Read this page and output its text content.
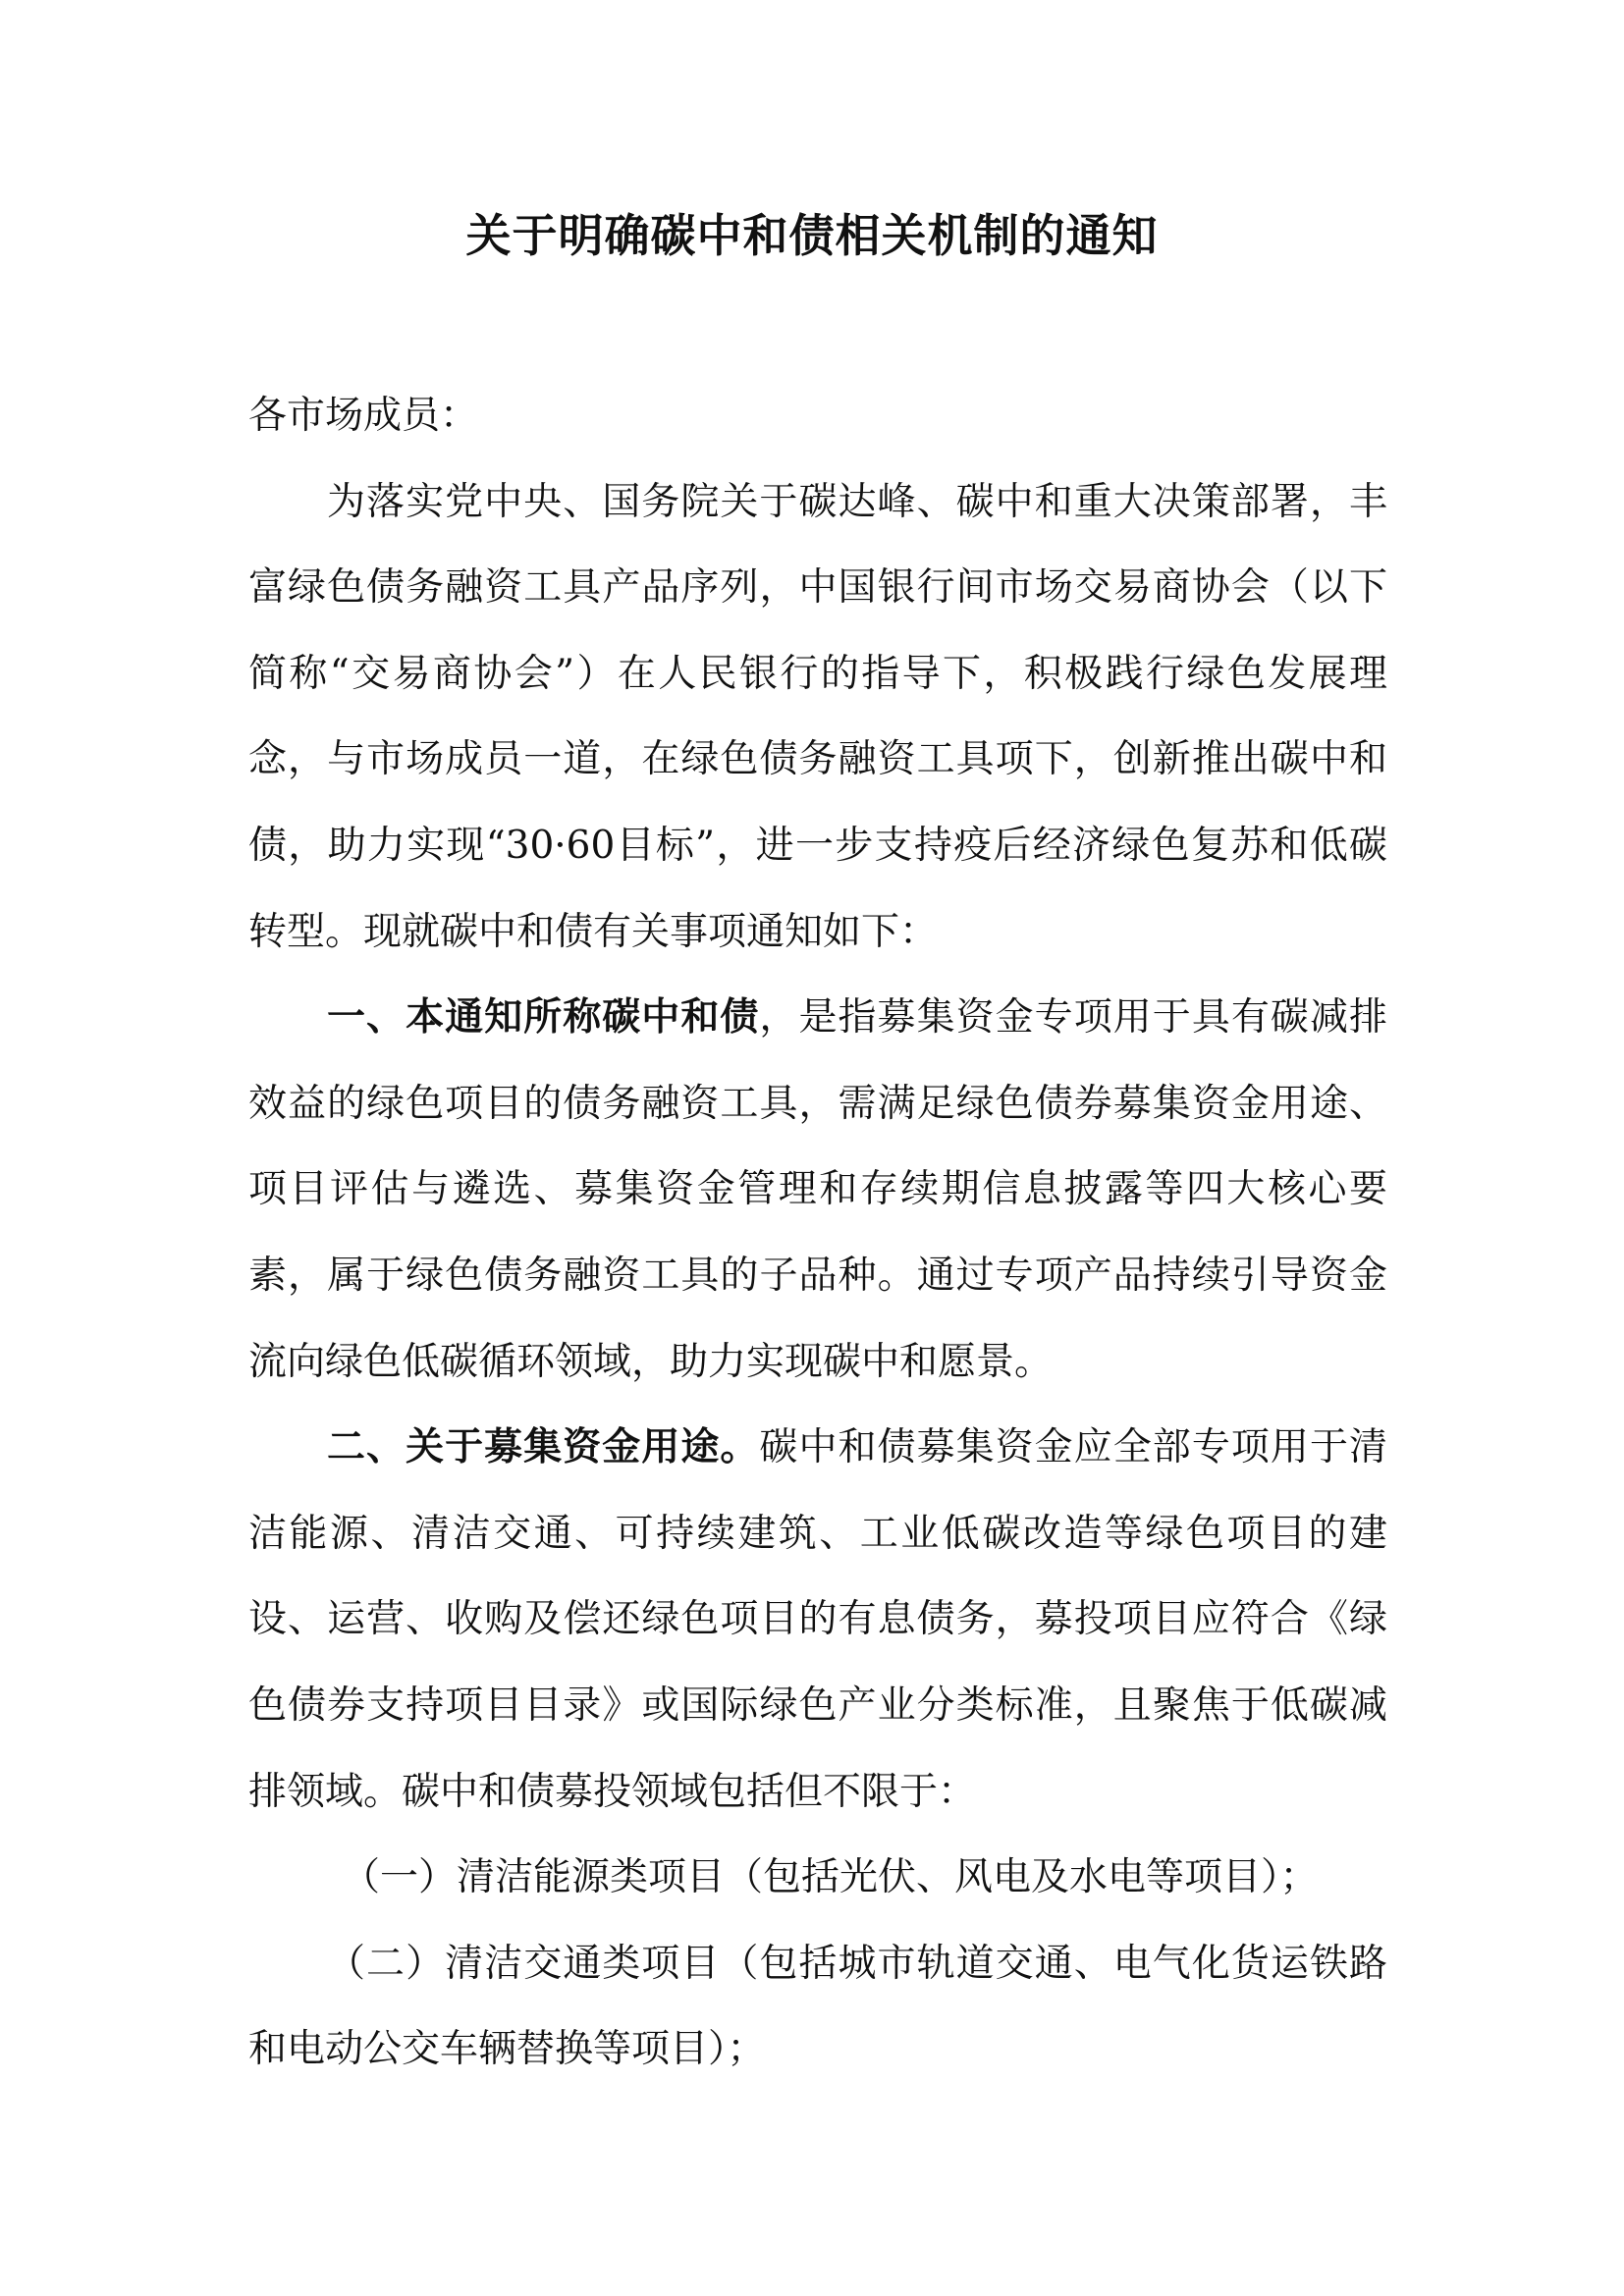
关于明确碳中和债相关机制的通知

各市场成员：

为落实党中央、国务院关于碳达峰、碳中和重大决策部署，丰富绿色债务融资工具产品序列，中国银行间市场交易商协会（以下简称“交易商协会”）在人民银行的指导下，积极践行绿色发展理念，与市场成员一道，在绿色债务融资工具项下，创新推出碳中和债，助力实现“30·60目标”，进一步支持疫后经济绿色复苏和低碳转型。现就碳中和债有关事项通知如下：

一、本通知所称碳中和债，是指募集资金专项用于具有碳减排效益的绿色项目的债务融资工具，需满足绿色债券募集资金用途、项目评估与遴选、募集资金管理和存续期信息披露等四大核心要素，属于绿色债务融资工具的子品种。通过专项产品持续引导资金流向绿色低碳循环领域，助力实现碳中和愿景。

二、关于募集资金用途。碳中和债募集资金应全部专项用于清洁能源、清洁交通、可持续建筑、工业低碳改造等绿色项目的建设、运营、收购及偿还绿色项目的有息债务，募投项目应符合《绿色债券支持项目目录》或国际绿色产业分类标准，且聚焦于低碳减排领域。碳中和债募投领域包括但不限于：

（一）清洁能源类项目（包括光伏、风电及水电等项目）；

（二）清洁交通类项目（包括城市轨道交通、电气化货运铁路和电动公交车辆替换等项目）；
